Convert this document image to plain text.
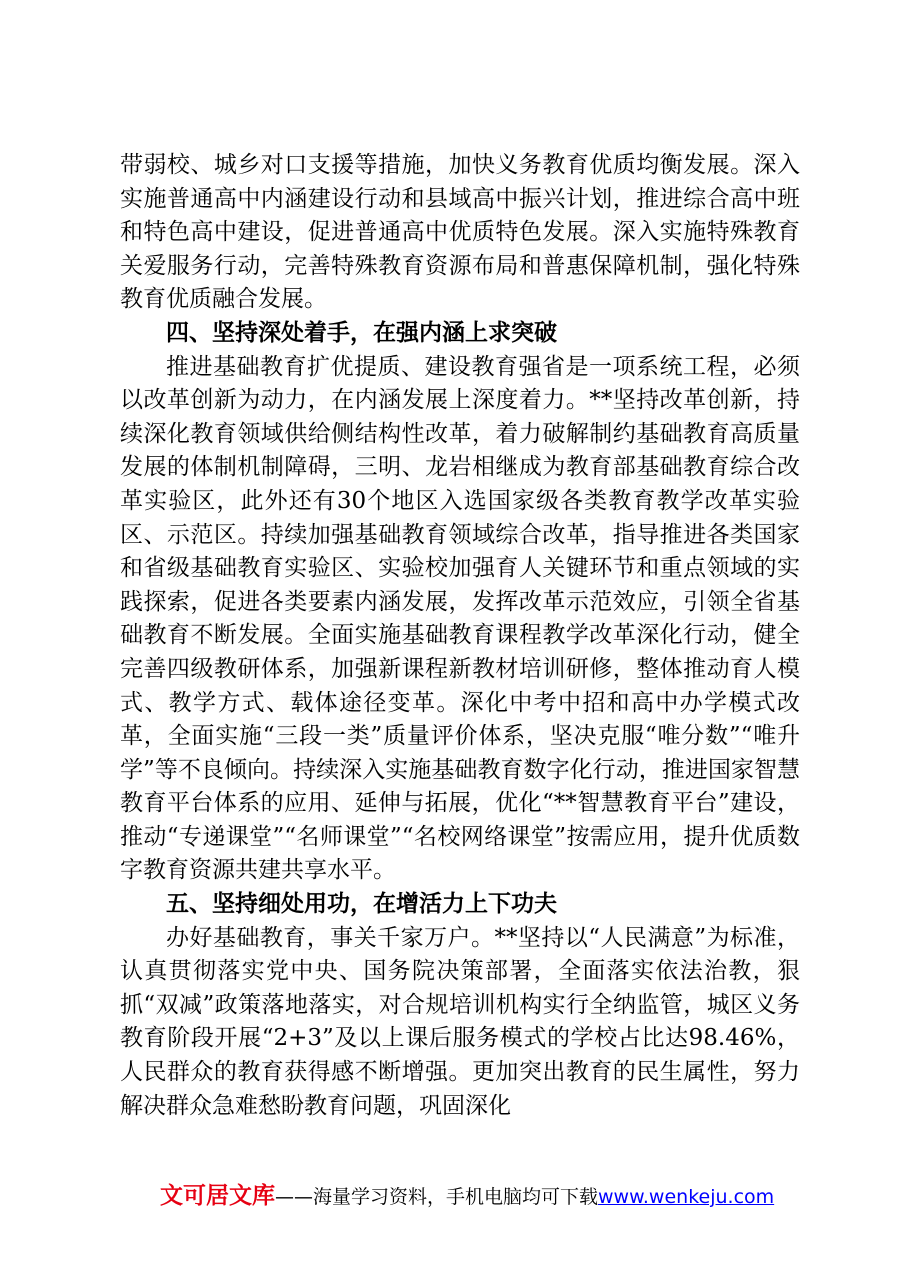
带弱校、城乡对口支援等措施，加快义务教育优质均衡发展。深入实施普通高中内涵建设行动和县域高中振兴计划，推进综合高中班和特色高中建设，促进普通高中优质特色发展。深入实施特殊教育关爱服务行动，完善特殊教育资源布局和普惠保障机制，强化特殊教育优质融合发展。

四、坚持深处着手，在强内涵上求突破

推进基础教育扩优提质、建设教育强省是一项系统工程，必须以改革创新为动力，在内涵发展上深度着力。**坚持改革创新，持续深化教育领域供给侧结构性改革，着力破解制约基础教育高质量发展的体制机制障碍，三明、龙岩相继成为教育部基础教育综合改革实验区，此外还有30个地区入选国家级各类教育教学改革实验区、示范区。持续加强基础教育领域综合改革，指导推进各类国家和省级基础教育实验区、实验校加强育人关键环节和重点领域的实践探索，促进各类要素内涵发展，发挥改革示范效应，引领全省基础教育不断发展。全面实施基础教育课程教学改革深化行动，健全完善四级教研体系，加强新课程新教材培训研修，整体推动育人模式、教学方式、载体途径变革。深化中考中招和高中办学模式改革，全面实施“三段一类”质量评价体系，坚决克服“唯分数”“唯升学”等不良倾向。持续深入实施基础教育数字化行动，推进国家智慧教育平台体系的应用、延伸与拓展，优化“**智慧教育平台”建设，推动“专递课堂”“名师课堂”“名校网络课堂”按需应用，提升优质数字教育资源共建共享水平。

五、坚持细处用功，在增活力上下功夫

办好基础教育，事关千家万户。**坚持以“人民满意”为标准，认真贯彻落实党中央、国务院决策部署，全面落实依法治教，狠抓“双减”政策落地落实，对合规培训机构实行全纳监管，城区义务教育阶段开展“2+3”及以上课后服务模式的学校占比达98.46%，人民群众的教育获得感不断增强。更加突出教育的民生属性，努力解决群众急难愁盼教育问题，巩固深化

文可居文库——海量学习资料，手机电脑均可下载www.wenkeju.com
